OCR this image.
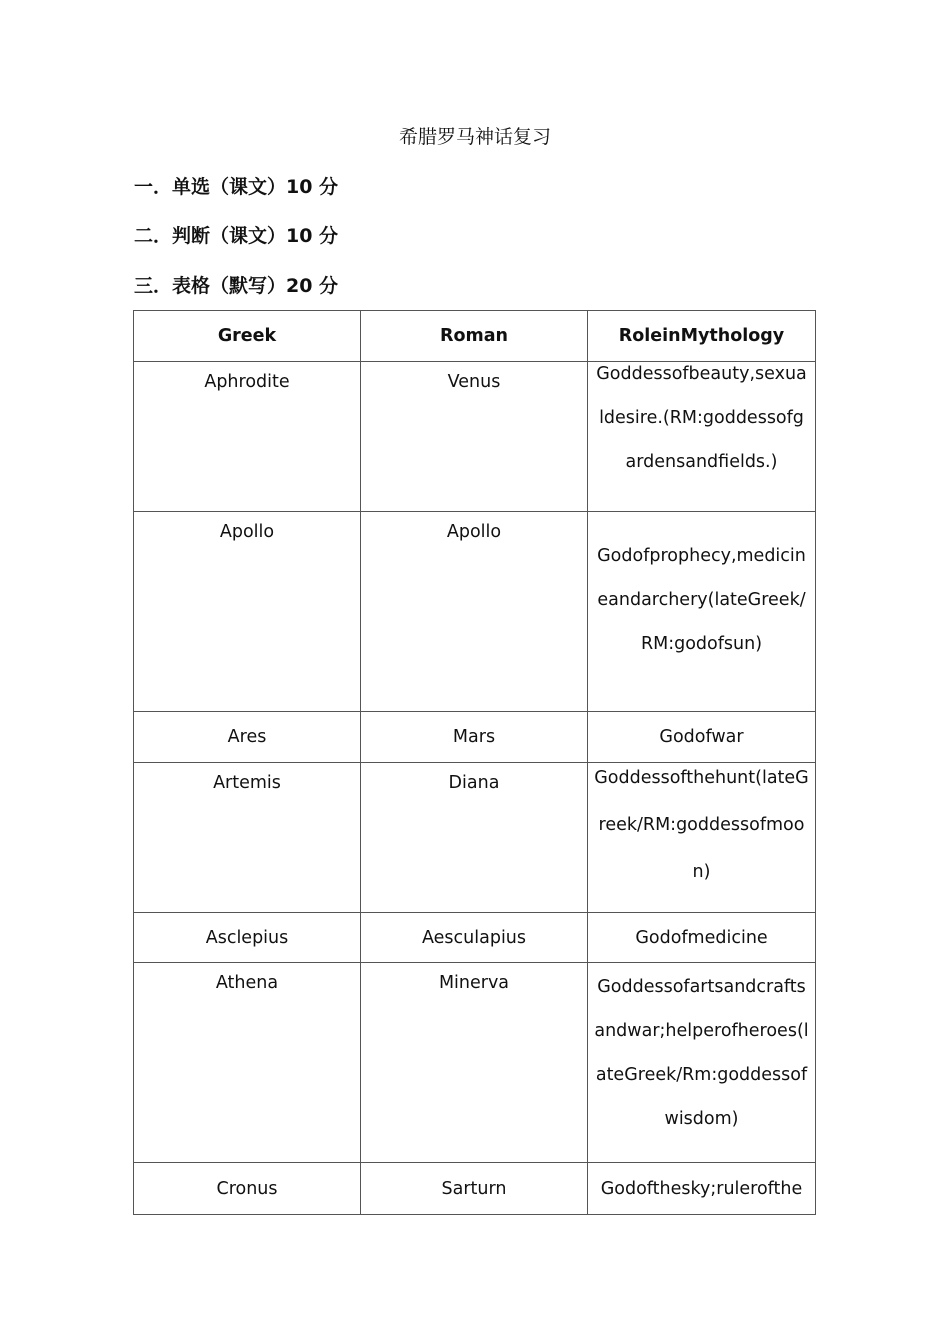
希腊罗马神话复习
一．单选（课文）10 分
二．判断（课文）10 分
三．表格（默写）20 分
Greek	Roman	RoleinMythology

Aphrodite	Venus	Goddessofbeauty,sexualdesire.(RM:goddessofgardensandfields.)

Apollo	Apollo	Godofprophecy,medicineandarchery(lateGreek/RM:godofsun)

Ares	Mars	Godofwar

Artemis	Diana	Goddessofthehunt(lateGreek/RM:goddessofmoon)

Asclepius	Aesculapius	Godofmedicine

Athena	Minerva	Goddessofartsandcraftsandwar;helperofheroes(lateGreek/Rm:goddessofwisdom)

Cronus	Sarturn	Godofthesky;rulerofthe
